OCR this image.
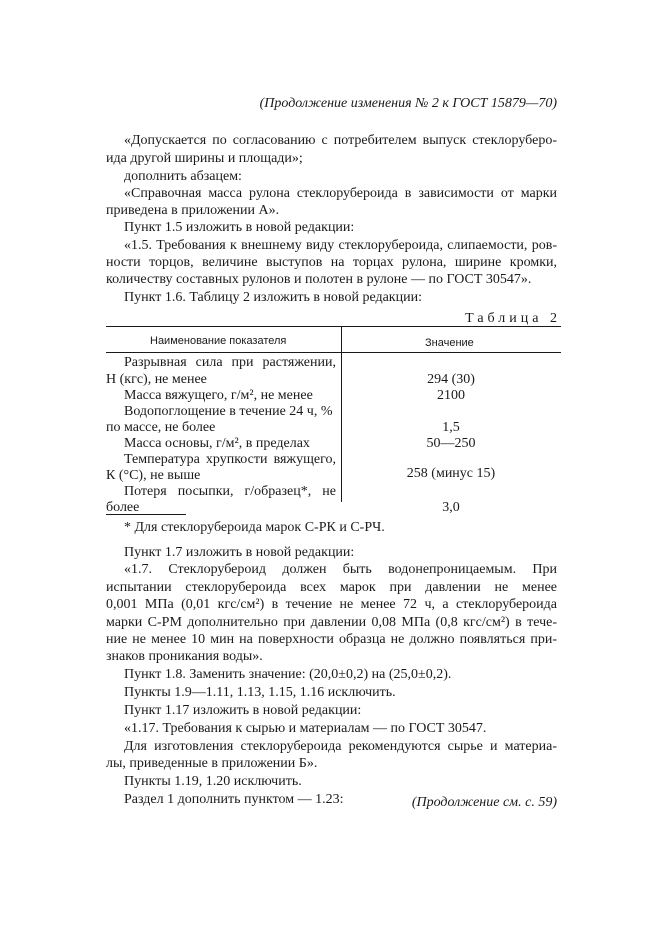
(Продолжение изменения № 2 к ГОСТ 15879—70)
«Допускается по согласованию с потребителем выпуск стеклоруберо-
ида другой ширины и площади»;
дополнить абзацем:
«Справочная масса рулона стеклорубероида в зависимости от марки
приведена в приложении А».
Пункт 1.5 изложить в новой редакции:
«1.5. Требования к внешнему виду стеклорубероида, слипаемости, ров-
ности торцов, величине выступов на торцах рулона, ширине кромки,
количеству составных рулонов и полотен в рулоне — по ГОСТ 30547».
Пункт 1.6. Таблицу 2 изложить в новой редакции:
Таблица 2
Наименование показателя	Значение
Разрывная сила при растяжении,
Н (кгс), не менее	294 (30)
Масса вяжущего, г/м², не менее	2100
Водопоглощение в течение 24 ч, %
по массе, не более	1,5
Масса основы, г/м², в пределах	50—250
Температура хрупкости вяжущего,
К (°С), не выше	258 (минус 15)
Потеря посыпки, г/образец*, не
более	3,0
* Для стеклорубероида марок С-РК и С-РЧ.
Пункт 1.7 изложить в новой редакции:
«1.7. Стеклорубероид должен быть водонепроницаемым. При
испытании стеклорубероида всех марок при давлении не менее
0,001 МПа (0,01 кгс/см²) в течение не менее 72 ч, а стеклорубероида
марки С-РМ дополнительно при давлении 0,08 МПа (0,8 кгс/см²) в тече-
ние не менее 10 мин на поверхности образца не должно появляться при-
знаков проникания воды».
Пункт 1.8. Заменить значение: (20,0±0,2) на (25,0±0,2).
Пункты 1.9—1.11, 1.13, 1.15, 1.16 исключить.
Пункт 1.17 изложить в новой редакции:
«1.17. Требования к сырью и материалам — по ГОСТ 30547.
Для изготовления стеклорубероида рекомендуются сырье и материа-
лы, приведенные в приложении Б».
Пункты 1.19, 1.20 исключить.
Раздел 1 дополнить пунктом — 1.23:	(Продолжение см. с. 59)
